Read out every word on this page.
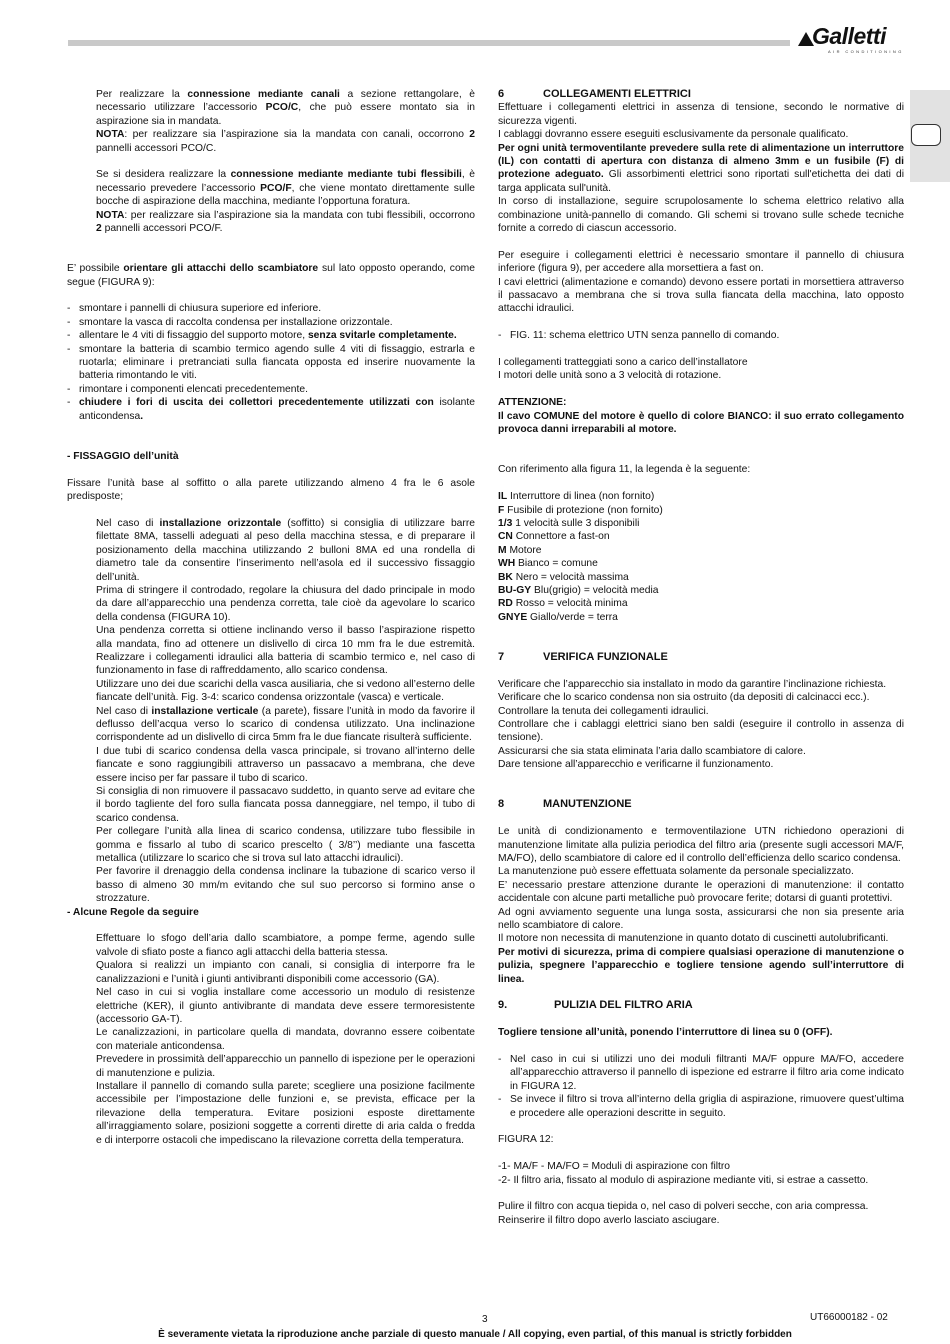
Galletti
AIR CONDITIONING

Per realizzare la connessione mediante canali a sezione rettangolare, è necessario utilizzare l’accessorio PCO/C, che può essere montato sia in aspirazione sia in mandata.

NOTA: per realizzare sia l’aspirazione sia la mandata con canali, occorrono 2 pannelli accessori PCO/C.

Se si desidera realizzare la connessione mediante mediante tubi flessibili, è necessario prevedere l’accessorio PCO/F, che viene montato direttamente sulle bocche di aspirazione della macchina, mediante l’opportuna foratura.

NOTA: per realizzare sia l’aspirazione sia la mandata con tubi flessibili, occorrono 2 pannelli accessori PCO/F.

E’ possibile orientare gli attacchi dello scambiatore sul lato opposto operando, come segue (FIGURA 9):

- smontare i pannelli di chiusura superiore ed inferiore.
- smontare la vasca di raccolta condensa per installazione orizzontale.
- allentare le 4 viti di fissaggio del supporto motore, senza svitarle completamente.
- smontare la batteria di scambio termico agendo sulle 4 viti di fissaggio, estrarla e ruotarla; eliminare i pretranciati sulla fiancata opposta ed inserire nuovamente la batteria rimontando le viti.
- rimontare i componenti elencati precedentemente.
- chiudere i fori di uscita dei collettori precedentemente utilizzati con isolante anticondensa.

- FISSAGGIO dell’unità

Fissare l’unità base al soffitto o alla parete utilizzando almeno 4 fra le 6 asole predisposte;

Nel caso di installazione orizzontale (soffitto) si consiglia di utilizzare barre filettate 8MA, tasselli adeguati al peso della macchina stessa, e di preparare il posizionamento della macchina utilizzando 2 bulloni 8MA ed una rondella di diametro tale da consentire l’inserimento nell’asola ed il successivo fissaggio dell’unità.

Prima di stringere il controdado, regolare la chiusura del dado principale in modo da dare all’apparecchio una pendenza corretta, tale cioè da agevolare lo scarico della condensa (FIGURA 10).

Una pendenza corretta si ottiene inclinando verso il basso l’aspirazione rispetto alla mandata, fino ad ottenere un dislivello di circa 10 mm fra le due estremità. Realizzare i collegamenti idraulici alla batteria di scambio termico e, nel caso di funzionamento in fase di raffreddamento, allo scarico condensa.

Utilizzare uno dei due scarichi della vasca ausiliaria, che si vedono all’esterno delle fiancate dell’unità. Fig. 3-4: scarico condensa orizzontale (vasca) e verticale.

Nel caso di installazione verticale (a parete), fissare l’unità in modo da favorire il deflusso dell’acqua verso lo scarico di condensa utilizzato. Una inclinazione corrispondente ad un dislivello di circa 5mm fra le due fiancate risulterà sufficiente.

I due tubi di scarico condensa della vasca principale, si trovano all’interno delle fiancate e sono raggiungibili attraverso un passacavo a membrana, che deve essere inciso per far passare il tubo di scarico.

Si consiglia di non rimuovere il passacavo suddetto, in quanto serve ad evitare che il bordo tagliente del foro sulla fiancata possa danneggiare, nel tempo, il tubo di scarico condensa.

Per collegare l’unità alla linea di scarico condensa, utilizzare tubo flessibile in gomma e fissarlo al tubo di scarico prescelto ( 3/8’’) mediante una fascetta metallica (utilizzare lo scarico che si trova sul lato attacchi idraulici).

Per favorire il drenaggio della condensa inclinare la tubazione di scarico verso il basso di almeno 30 mm/m evitando che sul suo percorso si formino anse o strozzature.

- Alcune Regole da seguire

Effettuare lo sfogo dell’aria dallo scambiatore, a pompe ferme, agendo sulle valvole di sfiato poste a fianco agli attacchi della batteria stessa.

Qualora si realizzi un impianto con canali, si consiglia di interporre fra le canalizzazioni e l’unità i giunti antivibranti disponibili come accessorio (GA).

Nel caso in cui si voglia installare come accessorio un modulo di resistenze elettriche (KER), il giunto antivibrante di mandata deve essere termoresistente (accessorio GA-T).

Le canalizzazioni, in particolare quella di mandata, dovranno essere coibentate con materiale anticondensa.

Prevedere in prossimità dell’apparecchio un pannello di ispezione per le operazioni di manutenzione e pulizia.

Installare il pannello di comando sulla parete; scegliere una posizione facilmente accessibile per l’impostazione delle funzioni e, se prevista, efficace per la rilevazione della temperatura. Evitare posizioni esposte direttamente all’irraggiamento solare, posizioni soggette a correnti dirette di aria calda o fredda e di interporre ostacoli che impediscano la rilevazione corretta della temperatura.

6	COLLEGAMENTI ELETTRICI

Effettuare i collegamenti elettrici in assenza di tensione, secondo le normative di sicurezza vigenti.

I cablaggi dovranno essere eseguiti esclusivamente da personale qualificato.

Per ogni unità termoventilante prevedere sulla rete di alimentazione un interruttore (IL) con contatti di apertura con distanza di almeno 3mm e un fusibile (F) di protezione adeguato. Gli assorbimenti elettrici sono riportati sull'etichetta dei dati di targa applicata sull'unità.

In corso di installazione, seguire scrupolosamente lo schema elettrico relativo alla combinazione unità-pannello di comando. Gli schemi si trovano sulle schede tecniche fornite a corredo di ciascun accessorio.

Per eseguire i collegamenti elettrici è necessario smontare il pannello di chiusura inferiore (figura 9), per accedere alla morsettiera a fast on.

I cavi elettrici (alimentazione e comando) devono essere portati in morsettiera attraverso il passacavo a membrana che si trova sulla fiancata della macchina, lato opposto attacchi idraulici.

- FIG. 11: schema elettrico UTN senza pannello di comando.

I collegamenti tratteggiati sono a carico dell’installatore

I motori delle unità sono a 3 velocità di rotazione.

ATTENZIONE:

Il cavo COMUNE del motore è quello di colore BIANCO: il suo errato collegamento provoca danni irreparabili al motore.

Con riferimento alla figura 11, la legenda è la seguente:

IL Interruttore di linea (non fornito)

F Fusibile di protezione (non fornito)

1/3 1 velocità sulle 3 disponibili

CN Connettore a fast-on

M Motore

WH Bianco = comune

BK Nero = velocità massima

BU-GY Blu(grigio) = velocità media

RD Rosso = velocità minima

GNYE Giallo/verde = terra

7	VERIFICA FUNZIONALE

Verificare che l’apparecchio sia installato in modo da garantire l’inclinazione richiesta.

Verificare che lo scarico condensa non sia ostruito (da depositi di calcinacci ecc.).

Controllare la tenuta dei collegamenti idraulici.

Controllare che i cablaggi elettrici siano ben saldi (eseguire il controllo in assenza di tensione).

Assicurarsi che sia stata eliminata l’aria dallo scambiatore di calore.

Dare tensione all’apparecchio e verificarne il funzionamento.

8	MANUTENZIONE

Le unità di condizionamento e termoventilazione UTN richiedono operazioni di manutenzione limitate alla pulizia periodica del filtro aria (presente sugli accessori MA/F, MA/FO), dello scambiatore di calore ed il controllo dell’efficienza dello scarico condensa.

La manutenzione può essere effettuata solamente da personale specializzato.

E’ necessario prestare attenzione durante le operazioni di manutenzione: il contatto accidentale con alcune parti metalliche può provocare ferite; dotarsi di guanti protettivi.

Ad ogni avviamento seguente una lunga sosta, assicurarsi che non sia presente aria nello scambiatore di calore.

Il motore non necessita di manutenzione in quanto dotato di cuscinetti autolubrificanti.

Per motivi di sicurezza, prima di compiere qualsiasi operazione di manutenzione o pulizia, spegnere l’apparecchio e togliere tensione agendo sull’interruttore di linea.

9.	PULIZIA DEL FILTRO ARIA

Togliere tensione all’unità, ponendo l’interruttore di linea su 0 (OFF).

- Nel caso in cui si utilizzi uno dei moduli filtranti MA/F oppure MA/FO, accedere all’apparecchio attraverso il pannello di ispezione ed estrarre il filtro aria come indicato in FIGURA 12.
- Se invece il filtro si trova all’interno della griglia di aspirazione, rimuovere quest’ultima e procedere alle operazioni descritte in seguito.

FIGURA 12:

-1- MA/F - MA/FO = Moduli di aspirazione con filtro

-2- Il filtro aria, fissato al modulo di aspirazione mediante viti, si estrae a cassetto.

Pulire il filtro con acqua tiepida o, nel caso di polveri secche, con aria compressa.

Reinserire il filtro dopo averlo lasciato asciugare.

3	UT66000182 - 02
È severamente vietata la riproduzione anche parziale di questo manuale / All copying, even partial, of this manual is strictly forbidden
